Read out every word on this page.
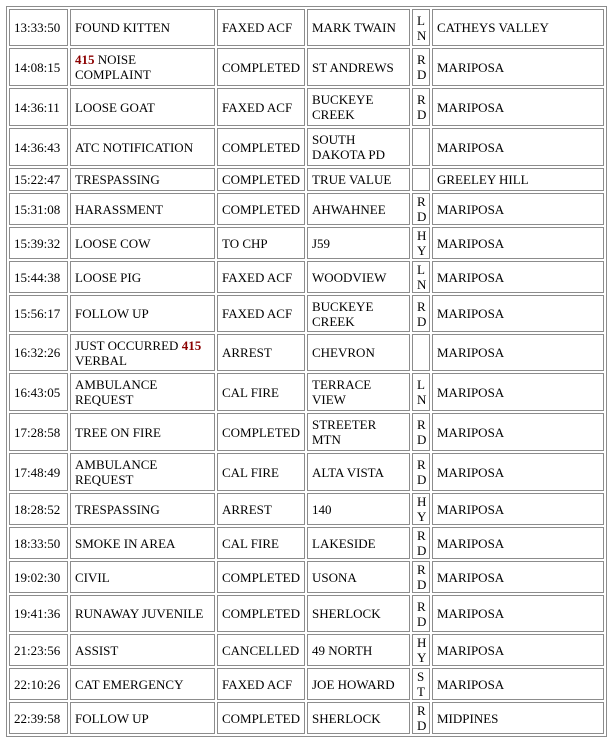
13:33:50	FOUND KITTEN	FAXED ACF	MARK TWAIN	LN	CATHEYS VALLEY
14:08:15	415 NOISE COMPLAINT	COMPLETED	ST ANDREWS	RD	MARIPOSA
14:36:11	LOOSE GOAT	FAXED ACF	BUCKEYE CREEK	RD	MARIPOSA
14:36:43	ATC NOTIFICATION	COMPLETED	SOUTH DAKOTA PD		MARIPOSA
15:22:47	TRESPASSING	COMPLETED	TRUE VALUE		GREELEY HILL
15:31:08	HARASSMENT	COMPLETED	AHWAHNEE	RD	MARIPOSA
15:39:32	LOOSE COW	TO CHP	J59	HY	MARIPOSA
15:44:38	LOOSE PIG	FAXED ACF	WOODVIEW	LN	MARIPOSA
15:56:17	FOLLOW UP	FAXED ACF	BUCKEYE CREEK	RD	MARIPOSA
16:32:26	JUST OCCURRED 415 VERBAL	ARREST	CHEVRON		MARIPOSA
16:43:05	AMBULANCE REQUEST	CAL FIRE	TERRACE VIEW	LN	MARIPOSA
17:28:58	TREE ON FIRE	COMPLETED	STREETER MTN	RD	MARIPOSA
17:48:49	AMBULANCE REQUEST	CAL FIRE	ALTA VISTA	RD	MARIPOSA
18:28:52	TRESPASSING	ARREST	140	HY	MARIPOSA
18:33:50	SMOKE IN AREA	CAL FIRE	LAKESIDE	RD	MARIPOSA
19:02:30	CIVIL	COMPLETED	USONA	RD	MARIPOSA
19:41:36	RUNAWAY JUVENILE	COMPLETED	SHERLOCK	RD	MARIPOSA
21:23:56	ASSIST	CANCELLED	49 NORTH	HY	MARIPOSA
22:10:26	CAT EMERGENCY	FAXED ACF	JOE HOWARD	ST	MARIPOSA
22:39:58	FOLLOW UP	COMPLETED	SHERLOCK	RD	MIDPINES
